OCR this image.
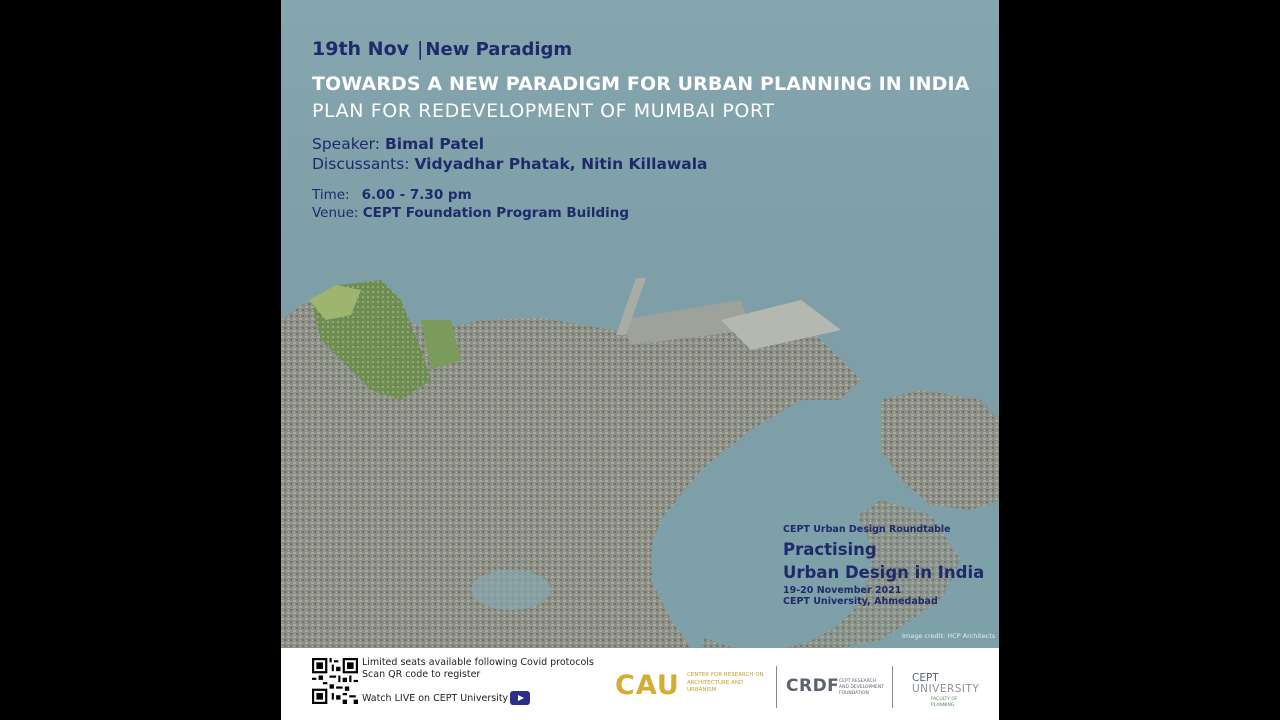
19th Nov | New Paradigm
TOWARDS A NEW PARADIGM FOR URBAN PLANNING IN INDIA
PLAN FOR REDEVELOPMENT OF MUMBAI PORT
Speaker: Bimal Patel
Discussants: Vidyadhar Phatak, Nitin Killawala
Time: 6.00 - 7.30 pm
Venue: CEPT Foundation Program Building
CEPT Urban Design Roundtable
Practising
Urban Design in India
19-20 November 2021
CEPT University, Ahmedabad
Image credit: HCP Architects
Limited seats available following Covid protocols
Scan QR code to register
Watch LIVE on CEPT University	CAU CENTER FOR RESEARCH ON ARCHITECTURE AND URBANISM	CRDF CEPT RESEARCH AND DEVELOPMENT FOUNDATION
CEPT
UNIVERSITY
FACULTY OF PLANNING
